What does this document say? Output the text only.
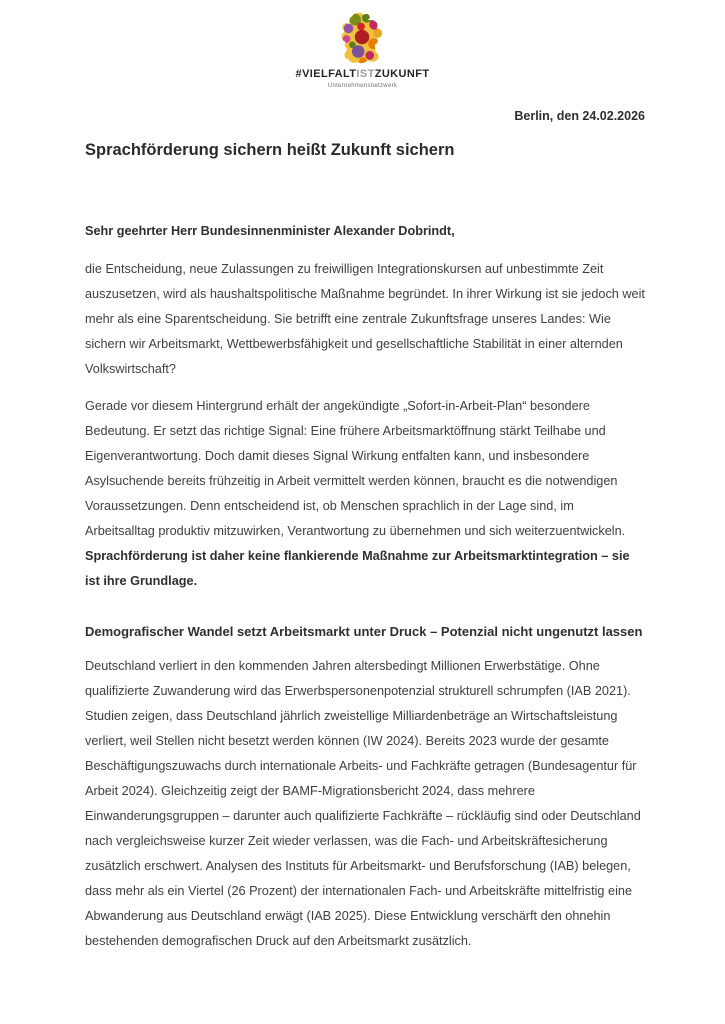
#VIELFALTISTZUKUNFT
Unternehmensnetzwerk
Berlin, den 24.02.2026
Sprachförderung sichern heißt Zukunft sichern

Sehr geehrter Herr Bundesinnenminister Alexander Dobrindt,

die Entscheidung, neue Zulassungen zu freiwilligen Integrationskursen auf unbestimmte Zeit auszusetzen, wird als haushaltspolitische Maßnahme begründet. In ihrer Wirkung ist sie jedoch weit mehr als eine Sparentscheidung. Sie betrifft eine zentrale Zukunftsfrage unseres Landes: Wie sichern wir Arbeitsmarkt, Wettbewerbsfähigkeit und gesellschaftliche Stabilität in einer alternden Volkswirtschaft?

Gerade vor diesem Hintergrund erhält der angekündigte „Sofort-in-Arbeit-Plan“ besondere Bedeutung. Er setzt das richtige Signal: Eine frühere Arbeitsmarktöffnung stärkt Teilhabe und Eigenverantwortung. Doch damit dieses Signal Wirkung entfalten kann, und insbesondere Asylsuchende bereits frühzeitig in Arbeit vermittelt werden können, braucht es die notwendigen Voraussetzungen. Denn entscheidend ist, ob Menschen sprachlich in der Lage sind, im Arbeitsalltag produktiv mitzuwirken, Verantwortung zu übernehmen und sich weiterzuentwickeln. Sprachförderung ist daher keine flankierende Maßnahme zur Arbeitsmarktintegration – sie ist ihre Grundlage.

Demografischer Wandel setzt Arbeitsmarkt unter Druck – Potenzial nicht ungenutzt lassen

Deutschland verliert in den kommenden Jahren altersbedingt Millionen Erwerbstätige. Ohne qualifizierte Zuwanderung wird das Erwerbspersonenpotenzial strukturell schrumpfen (IAB 2021). Studien zeigen, dass Deutschland jährlich zweistellige Milliardenbeträge an Wirtschaftsleistung verliert, weil Stellen nicht besetzt werden können (IW 2024). Bereits 2023 wurde der gesamte Beschäftigungszuwachs durch internationale Arbeits- und Fachkräfte getragen (Bundesagentur für Arbeit 2024). Gleichzeitig zeigt der BAMF-Migrationsbericht 2024, dass mehrere Einwanderungsgruppen – darunter auch qualifizierte Fachkräfte – rückläufig sind oder Deutschland nach vergleichsweise kurzer Zeit wieder verlassen, was die Fach- und Arbeitskräftesicherung zusätzlich erschwert. Analysen des Instituts für Arbeitsmarkt- und Berufsforschung (IAB) belegen, dass mehr als ein Viertel (26 Prozent) der internationalen Fach- und Arbeitskräfte mittelfristig eine Abwanderung aus Deutschland erwägt (IAB 2025). Diese Entwicklung verschärft den ohnehin bestehenden demografischen Druck auf den Arbeitsmarkt zusätzlich.
